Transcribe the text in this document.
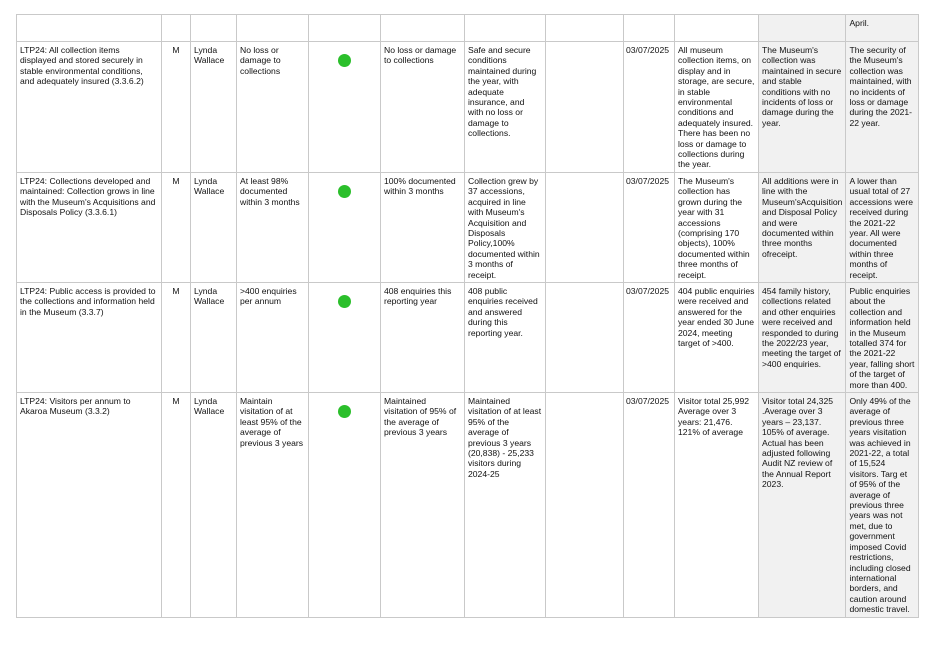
											April.
LTP24: All collection items displayed and stored securely in stable environmental conditions, and adequately insured (3.3.6.2)	M	Lynda Wallace	No loss or damage to collections		No loss or damage to collections	Safe and secure conditions maintained during the year, with adequate insurance, and with no loss or damage to collections.		03/07/2025	All museum collection items, on display and in storage, are secure, in stable environmental conditions and adequately insured. There has been no loss or damage to collections during the year.	The Museum's collection was maintained in secure and stable conditions with no incidents of loss or damage during the year.	The security of the Museum's collection was maintained, with no incidents of loss or damage during the 2021-22 year.
LTP24: Collections developed and maintained: Collection grows in line with the Museum's Acquisitions and Disposals Policy (3.3.6.1)	M	Lynda Wallace	At least 98% documented within 3 months		100% documented within 3 months	Collection grew by 37 accessions, acquired in line with Museum's Acquisition and Disposals Policy,100% documented within 3 months of receipt.		03/07/2025	The Museum's collection has grown during the year with 31 accessions (comprising 170 objects), 100% documented within three months of receipt.	All additions were in line with the Museum'sAcquisition and Disposal Policy and were documented within three months ofreceipt.	A lower than usual total of 27 accessions were received during the 2021-22 year. All were documented within three months of receipt.
LTP24: Public access is provided to the collections and information held in the Museum (3.3.7)	M	Lynda Wallace	>400 enquiries per annum		408 enquiries this reporting year	408 public enquiries received and answered during this reporting year.		03/07/2025	404 public enquiries were received and answered for the year ended 30 June 2024, meeting target of >400.	454 family history, collections related and other enquiries were received and responded to during the 2022/23 year, meeting the target of >400 enquiries.	Public enquiries about the collection and information held in the Museum totalled 374 for the 2021-22 year, falling short of the target of more than 400.
LTP24: Visitors per annum to Akaroa Museum (3.3.2)	M	Lynda Wallace	Maintain visitation of at least 95% of the average of previous 3 years		Maintained visitation of 95% of the average of previous 3 years	Maintained visitation of at least 95% of the average of previous 3 years (20,838) - 25,233 visitors during 2024-25		03/07/2025	Visitor total 25,992 Average over 3 years: 21,476. 121% of average	Visitor total 24,325 .Average over 3 years – 23,137. 105% of average. Actual has been adjusted following Audit NZ review of the Annual Report 2023.	Only 49% of the average of previous three years visitation was achieved in 2021-22, a total of 15,524 visitors. Targ et of 95% of the average of previous three years was not met, due to government imposed Covid restrictions, including closed international borders, and caution around domestic travel.
